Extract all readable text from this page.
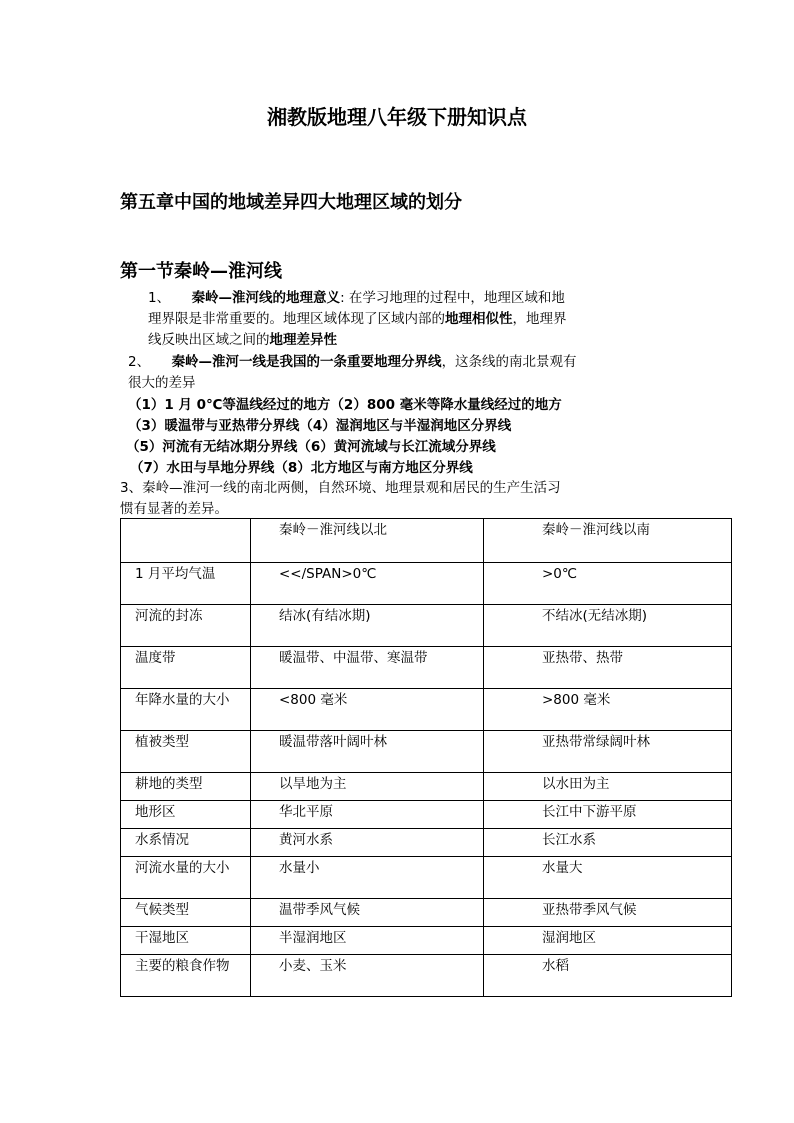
湘教版地理八年级下册知识点
第五章中国的地域差异四大地理区域的划分
第一节秦岭—淮河线
1、 秦岭—淮河线的地理意义: 在学习地理的过程中，地理区域和地
理界限是非常重要的。地理区域体现了区域内部的地理相似性，地理界
线反映出区域之间的地理差异性
2、 秦岭—淮河一线是我国的一条重要地理分界线，这条线的南北景观有
很大的差异
（1）1 月 0℃等温线经过的地方（2）800 毫米等降水量线经过的地方
（3）暖温带与亚热带分界线（4）湿润地区与半湿润地区分界线
（5）河流有无结冰期分界线（6）黄河流域与长江流域分界线
（7）水田与旱地分界线（8）北方地区与南方地区分界线
3、秦岭—淮河一线的南北两侧，自然环境、地理景观和居民的生产生活习
惯有显著的差异。
	秦岭－淮河线以北	秦岭－淮河线以南
1 月平均气温	<</SPAN>0℃	>0℃
河流的封冻	结冰(有结冰期)	不结冰(无结冰期)
温度带	暖温带、中温带、寒温带	亚热带、热带
年降水量的大小	<800 毫米	>800 毫米
植被类型	暖温带落叶阔叶林	亚热带常绿阔叶林
耕地的类型	以旱地为主	以水田为主
地形区	华北平原	长江中下游平原
水系情况	黄河水系	长江水系
河流水量的大小	水量小	水量大
气候类型	温带季风气候	亚热带季风气候
干湿地区	半湿润地区	湿润地区
主要的粮食作物	小麦、玉米	水稻
